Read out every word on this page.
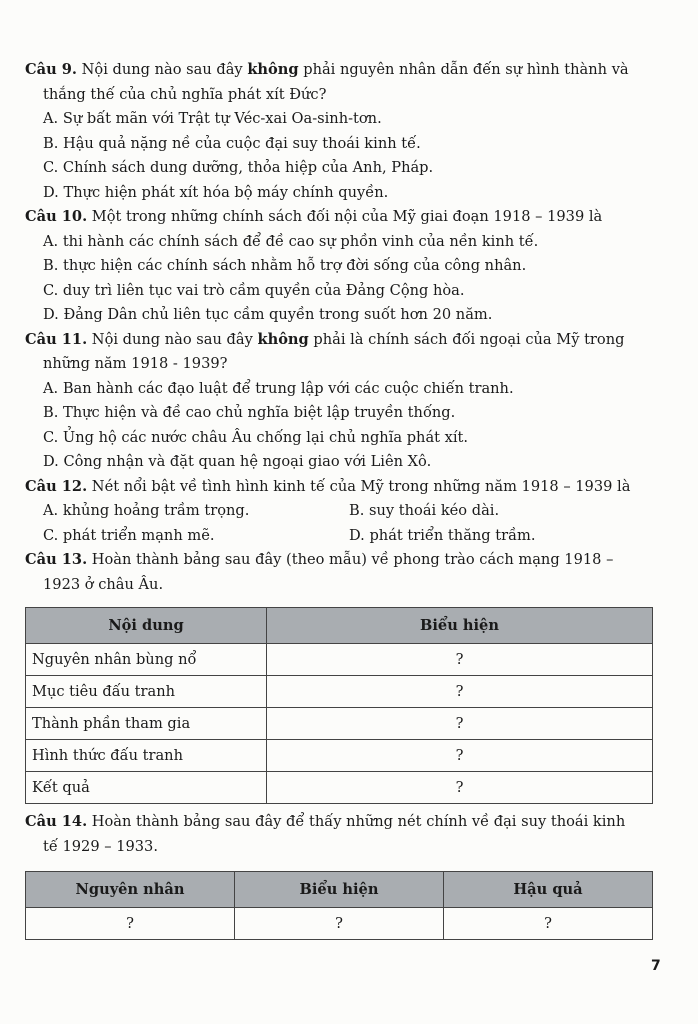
Câu 9. Nội dung nào sau đây không phải nguyên nhân dẫn đến sự hình thành và
thắng thế của chủ nghĩa phát xít Đức?
A. Sự bất mãn với Trật tự Véc-xai Oa-sinh-tơn.
B. Hậu quả nặng nề của cuộc đại suy thoái kinh tế.
C. Chính sách dung dưỡng, thỏa hiệp của Anh, Pháp.
D. Thực hiện phát xít hóa bộ máy chính quyền.
Câu 10. Một trong những chính sách đối nội của Mỹ giai đoạn 1918 – 1939 là
A. thi hành các chính sách để đề cao sự phồn vinh của nền kinh tế.
B. thực hiện các chính sách nhằm hỗ trợ đời sống của công nhân.
C. duy trì liên tục vai trò cầm quyền của Đảng Cộng hòa.
D. Đảng Dân chủ liên tục cầm quyền trong suốt hơn 20 năm.
Câu 11. Nội dung nào sau đây không phải là chính sách đối ngoại của Mỹ trong
những năm 1918 - 1939?
A. Ban hành các đạo luật để trung lập với các cuộc chiến tranh.
B. Thực hiện và đề cao chủ nghĩa biệt lập truyền thống.
C. Ủng hộ các nước châu Âu chống lại chủ nghĩa phát xít.
D. Công nhận và đặt quan hệ ngoại giao với Liên Xô.
Câu 12. Nét nổi bật về tình hình kinh tế của Mỹ trong những năm 1918 – 1939 là
A. khủng hoảng trầm trọng.	B. suy thoái kéo dài.
C. phát triển mạnh mẽ.	D. phát triển thăng trầm.
Câu 13. Hoàn thành bảng sau đây (theo mẫu) về phong trào cách mạng 1918 –
1923 ở châu Âu.
Nội dung	Biểu hiện
Nguyên nhân bùng nổ	?
Mục tiêu đấu tranh	?
Thành phần tham gia	?
Hình thức đấu tranh	?
Kết quả	?
Câu 14. Hoàn thành bảng sau đây để thấy những nét chính về đại suy thoái kinh
tế 1929 – 1933.
Nguyên nhân	Biểu hiện	Hậu quả
?	?	?
7
